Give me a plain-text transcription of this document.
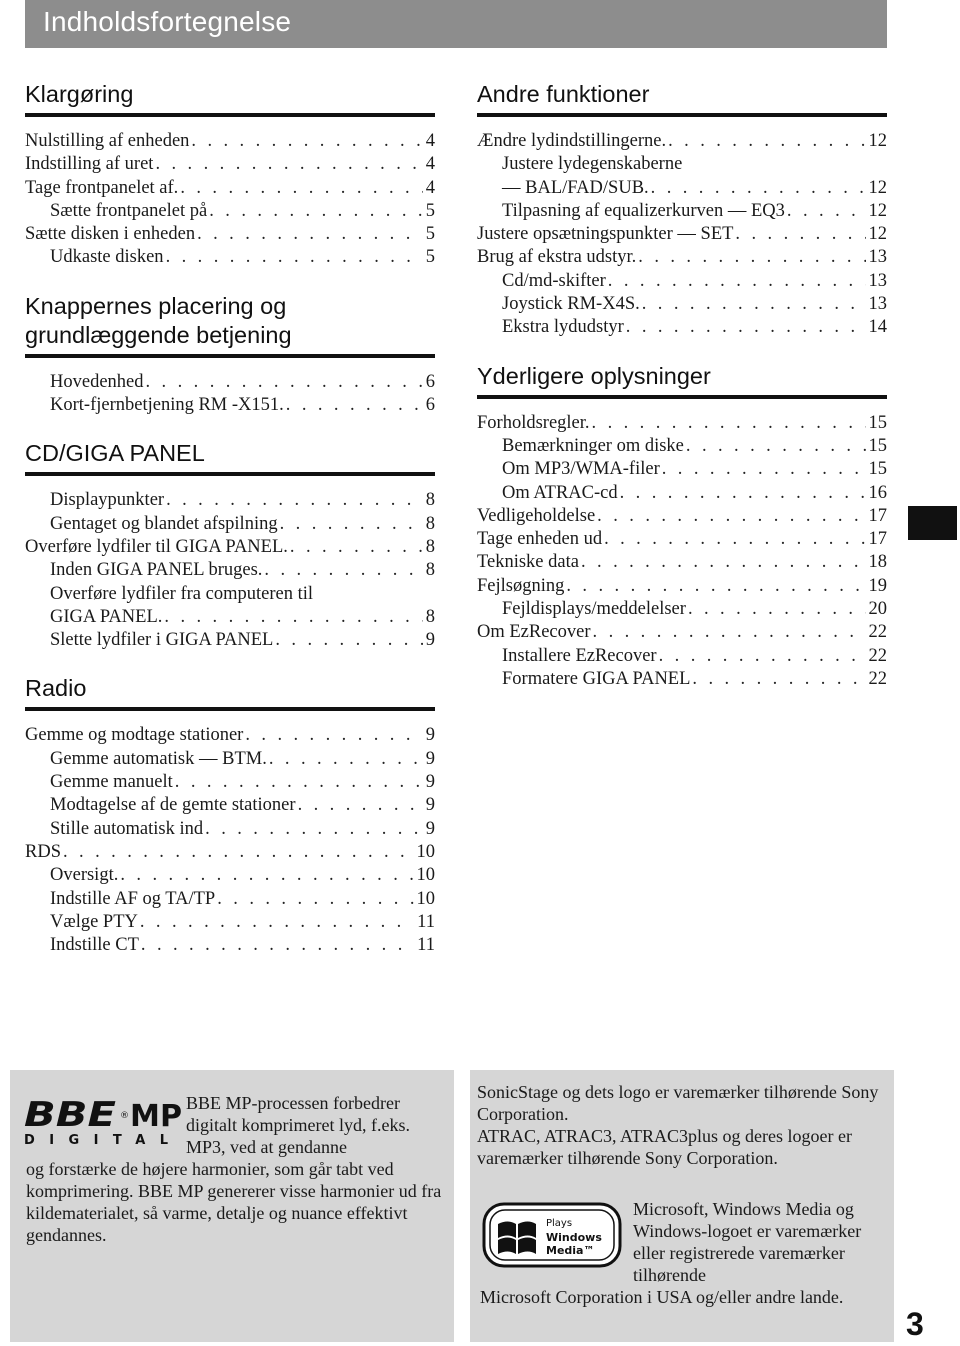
Indholdsfortegnelse
Klargøring
Nulstilling af enheden . . .	4
Indstilling af uret . . .	4
Tage frontpanelet af. . . .	4
Sætte frontpanelet på . . .	5
Sætte disken i enheden . . .	5
Udkaste disken . . .	5
Knappernes placering og grundlæggende betjening
Hovedenhed . . .	6
Kort-fjernbetjening RM -X151. . . .	6
CD/GIGA PANEL
Displaypunkter . . .	8
Gentaget og blandet afspilning . . .	8
Overføre lydfiler til GIGA PANEL. . . .	8
Inden GIGA PANEL bruges. . . .	8
Overføre lydfiler fra computeren til
GIGA PANEL. . . .	8
Slette lydfiler i GIGA PANEL . . .	9
Radio
Gemme og modtage stationer . . .	9
Gemme automatisk — BTM. . . .	9
Gemme manuelt . . .	9
Modtagelse af de gemte stationer . . .	9
Stille automatisk ind . . .	9
RDS . . .	10
Oversigt. . . .	10
Indstille AF og TA/TP . . .	10
Vælge PTY . . .	11
Indstille CT . . .	11
Andre funktioner
Ændre lydindstillingerne. . . .	12
Justere lydegenskaberne
— BAL/FAD/SUB. . . .	12
Tilpasning af equalizerkurven — EQ3 . . .	12
Justere opsætningspunkter — SET . . .	12
Brug af ekstra udstyr. . . .	13
Cd/md-skifter . . .	13
Joystick RM-X4S. . . .	13
Ekstra lydudstyr . . .	14
Yderligere oplysninger
Forholdsregler. . . .	15
Bemærkninger om diske . . .	15
Om MP3/WMA-filer . . .	15
Om ATRAC-cd . . .	16
Vedligeholdelse . . .	17
Tage enheden ud . . .	17
Tekniske data . . .	18
Fejlsøgning . . .	19
Fejldisplays/meddelelser . . .	20
Om EzRecover . . .	22
Installere EzRecover . . .	22
Formatere GIGA PANEL . . .	22
3
BBE ® MP
DIGITAL
BBE MP-processen forbedrer digitalt komprimeret lyd, f.eks. MP3, ved at gendanne
og forstærke de højere harmonier, som går tabt ved komprimering. BBE MP genererer visse harmonier ud fra kildematerialet, så varme, detalje og nuance effektivt gendannes.
SonicStage og dets logo er varemærker tilhørende Sony Corporation.
ATRAC, ATRAC3, ATRAC3plus og deres logoer er varemærker tilhørende Sony Corporation.
Plays
Windows
Media™
Microsoft, Windows Media og Windows-logoet er varemærker eller registrerede varemærker tilhørende
Microsoft Corporation i USA og/eller andre lande.
